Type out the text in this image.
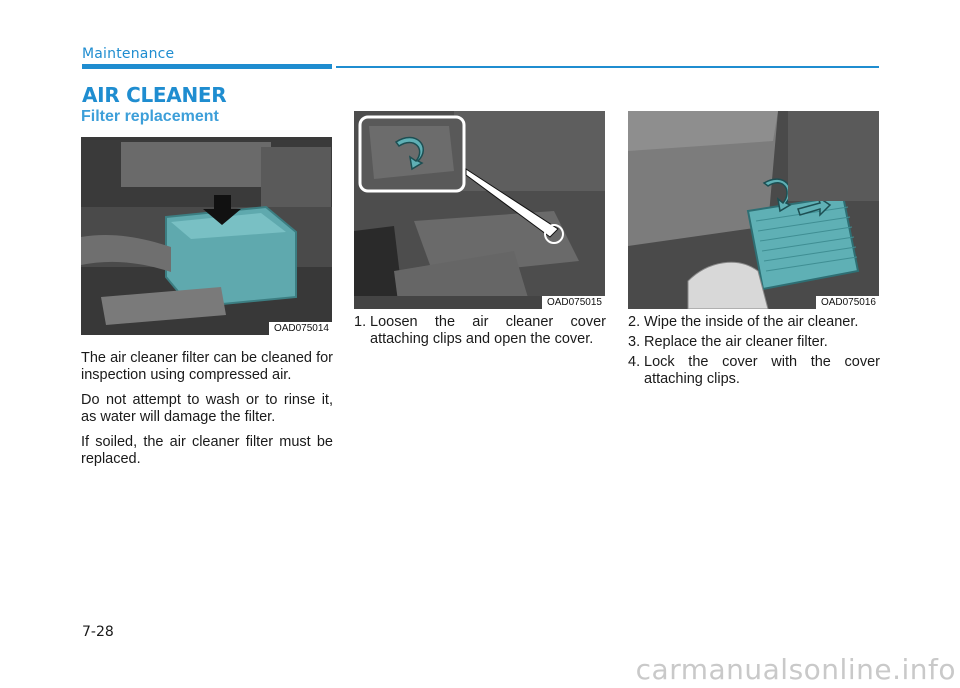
Maintenance
AIR CLEANER
Filter replacement
OAD075014
OAD075015	OAD075016

The air cleaner filter can be cleaned for inspection using compressed air.

Do not attempt to wash or to rinse it, as water will damage the filter.

If soiled, the air cleaner filter must be replaced.

1. Loosen the air cleaner cover attaching clips and open the cover.
2. Wipe the inside of the air cleaner.
3. Replace the air cleaner filter.
4. Lock the cover with the cover attaching clips.
7-28
carmanualsonline.info
